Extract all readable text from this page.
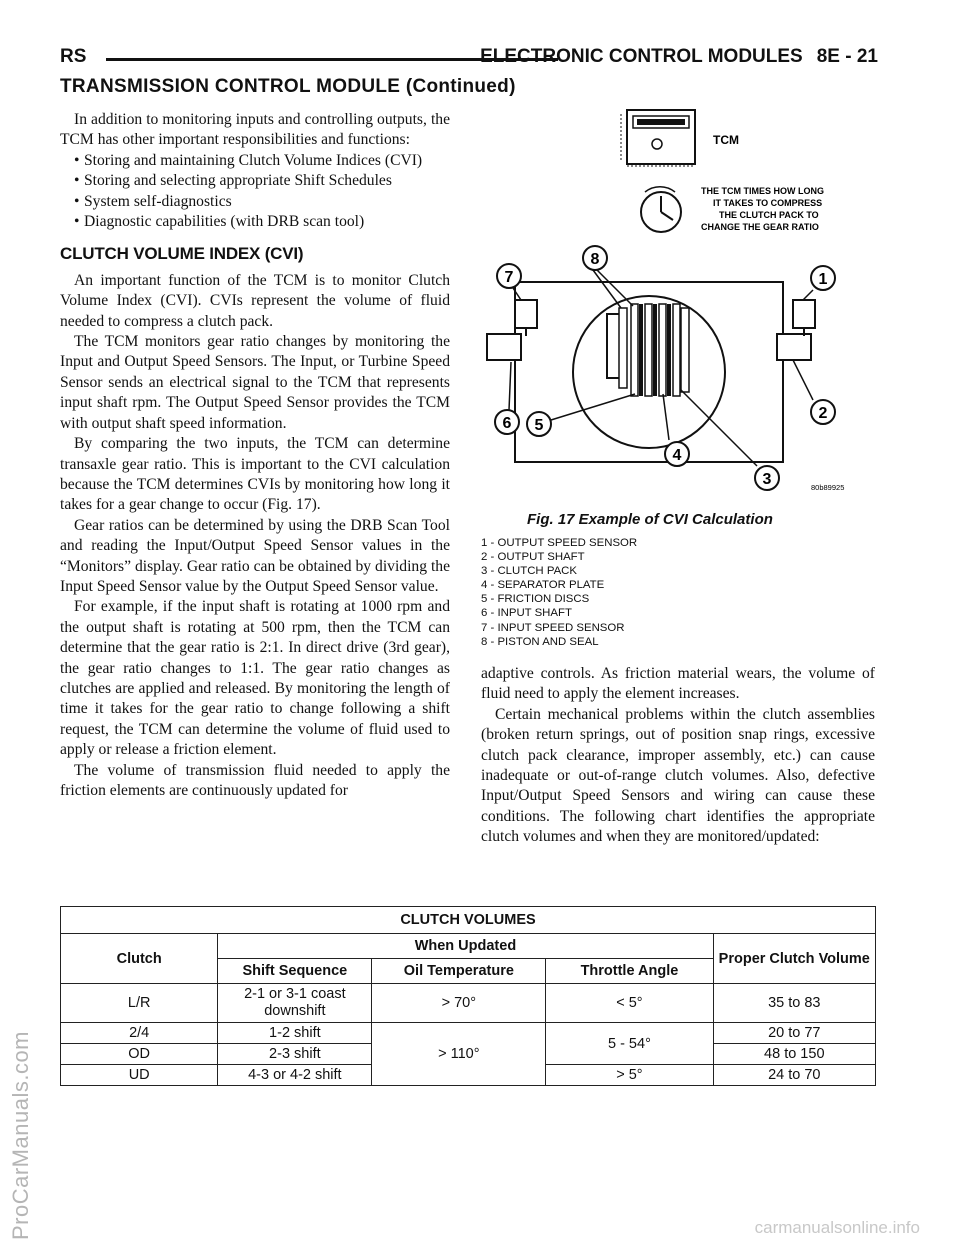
RS	ELECTRONIC CONTROL MODULES 8E - 21
TRANSMISSION CONTROL MODULE (Continued)

In addition to monitoring inputs and controlling outputs, the TCM has other important responsibilities and functions:

• Storing and maintaining Clutch Volume Indices (CVI)

• Storing and selecting appropriate Shift Schedules

• System self-diagnostics

• Diagnostic capabilities (with DRB scan tool)

CLUTCH VOLUME INDEX (CVI)

An important function of the TCM is to monitor Clutch Volume Index (CVI). CVIs represent the volume of fluid needed to compress a clutch pack.

The TCM monitors gear ratio changes by monitoring the Input and Output Speed Sensors. The Input, or Turbine Speed Sensor sends an electrical signal to the TCM that represents input shaft rpm. The Output Speed Sensor provides the TCM with output shaft speed information.

By comparing the two inputs, the TCM can determine transaxle gear ratio. This is important to the CVI calculation because the TCM determines CVIs by monitoring how long it takes for a gear change to occur (Fig. 17).

Gear ratios can be determined by using the DRB Scan Tool and reading the Input/Output Speed Sensor values in the “Monitors” display. Gear ratio can be obtained by dividing the Input Speed Sensor value by the Output Speed Sensor value.

For example, if the input shaft is rotating at 1000 rpm and the output shaft is rotating at 500 rpm, then the TCM can determine that the gear ratio is 2:1. In direct drive (3rd gear), the gear ratio changes to 1:1. The gear ratio changes as clutches are applied and released. By monitoring the length of time it takes for the gear ratio to change following a shift request, the TCM can determine the volume of fluid used to apply or release a friction element.

The volume of transmission fluid needed to apply the friction elements are continuously updated for

TCM
THE TCM TIMES HOW LONG
IT TAKES TO COMPRESS
THE CLUTCH PACK TO
CHANGE THE GEAR RATIO
1
2
3
4
5
6
7
8
80b89925
Fig. 17 Example of CVI Calculation
1 - OUTPUT SPEED SENSOR
2 - OUTPUT SHAFT
3 - CLUTCH PACK
4 - SEPARATOR PLATE
5 - FRICTION DISCS
6 - INPUT SHAFT
7 - INPUT SPEED SENSOR
8 - PISTON AND SEAL

adaptive controls. As friction material wears, the volume of fluid need to apply the element increases.

Certain mechanical problems within the clutch assemblies (broken return springs, out of position snap rings, excessive clutch pack clearance, improper assembly, etc.) can cause inadequate or out-of-range clutch volumes. Also, defective Input/Output Speed Sensors and wiring can cause these conditions. The following chart identifies the appropriate clutch volumes and when they are monitored/updated:

CLUTCH VOLUMES				
Clutch	When Updated			Proper Clutch Volume
	Shift Sequence	Oil Temperature	Throttle Angle	
L/R	2-1 or 3-1 coast downshift	> 70°	< 5°	35 to 83
2/4	1-2 shift	> 110°	5 - 54°	20 to 77
OD	2-3 shift			48 to 150
UD	4-3 or 4-2 shift		> 5°	24 to 70
ProCarManuals.com	carmanualsonline.info
